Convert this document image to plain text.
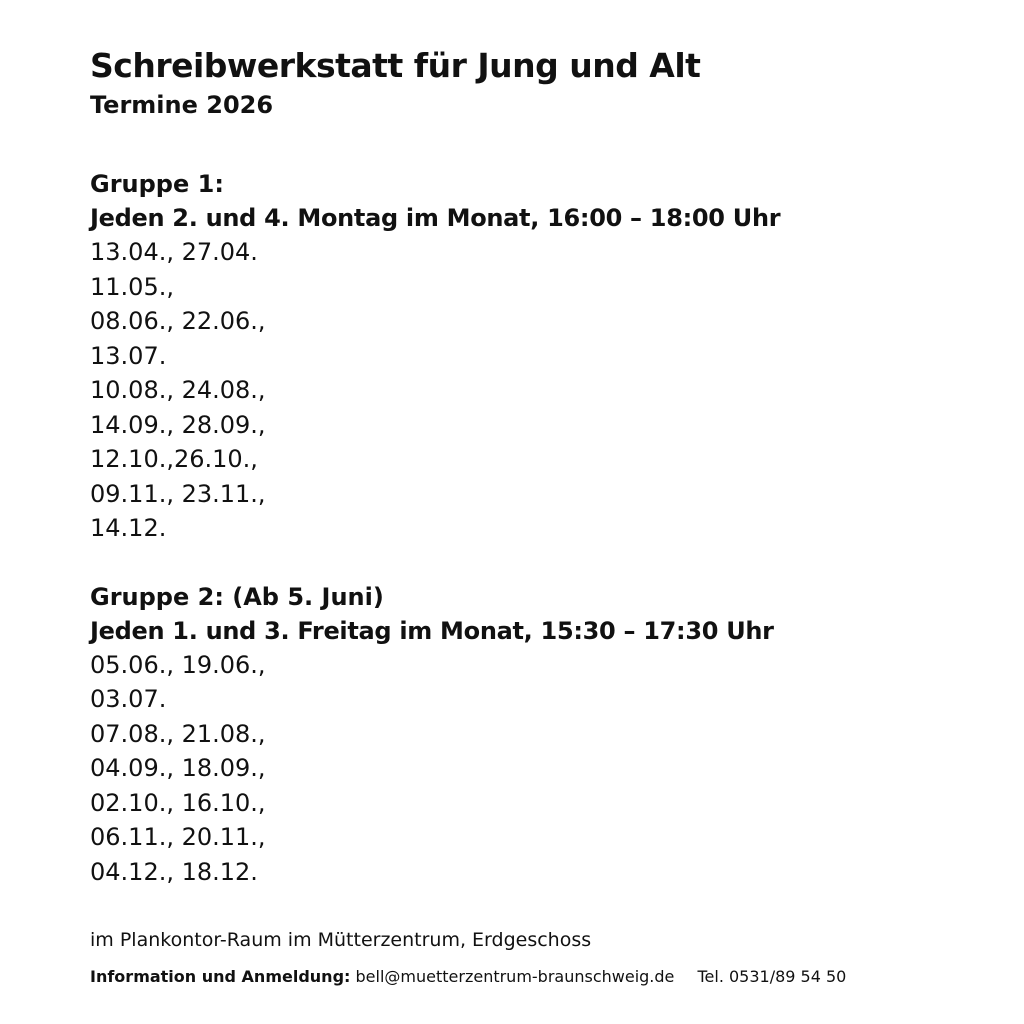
Schreibwerkstatt für Jung und Alt
Termine 2026

Gruppe 1:

Jeden 2. und 4. Montag im Monat, 16:00 – 18:00 Uhr

13.04., 27.04.
11.05.,
08.06., 22.06.,
13.07.
10.08., 24.08.,
14.09., 28.09.,
12.10.,26.10.,
09.11., 23.11.,
14.12.

Gruppe 2: (Ab 5. Juni)

Jeden 1. und 3. Freitag im Monat, 15:30 – 17:30 Uhr

05.06., 19.06.,
03.07.
07.08., 21.08.,
04.09., 18.09.,
02.10., 16.10.,
06.11., 20.11.,
04.12., 18.12.

im Plankontor-Raum im Mütterzentrum, Erdgeschoss

Information und Anmeldung: bell@muetterzentrum-braunschweig.de Tel. 0531/89 54 50
